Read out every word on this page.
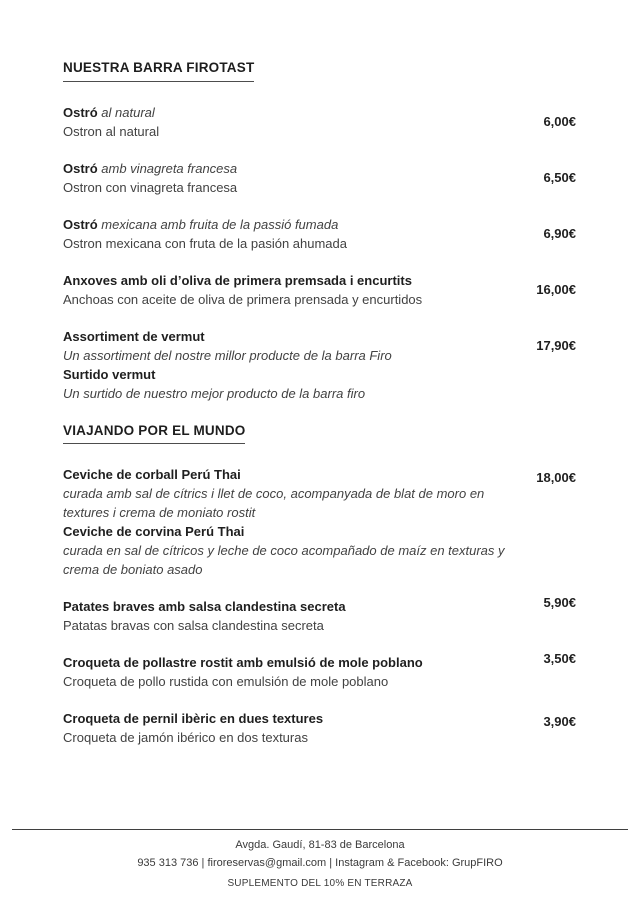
NUESTRA BARRA FIROTAST

Ostró al natural

Ostron al natural

6,00€

Ostró amb vinagreta francesa

Ostron con vinagreta francesa

6,50€

Ostró mexicana amb fruita de la passió fumada

Ostron mexicana con fruta de la pasión ahumada

6,90€

Anxoves amb oli d’oliva de primera premsada i encurtits

Anchoas con aceite de oliva de primera prensada y encurtidos

16,00€

Assortiment de vermut

Un assortiment del nostre millor producte de la barra Firo

Surtido vermut

Un surtido de nuestro mejor producto de la barra firo

17,90€
VIAJANDO POR EL MUNDO

Ceviche de corball Perú Thai

curada amb sal de cítrics i llet de coco, acompanyada de blat de moro en textures i crema de moniato rostit

Ceviche de corvina Perú Thai

curada en sal de cítricos y leche de coco acompañado de maíz en texturas y crema de boniato asado

18,00€

Patates braves amb salsa clandestina secreta

Patatas bravas con salsa clandestina secreta

5,90€

Croqueta de pollastre rostit amb emulsió de mole poblano

Croqueta de pollo rustida con emulsión de mole poblano

3,50€

Croqueta de pernil ibèric en dues textures

Croqueta de jamón ibérico en dos texturas

3,90€

Avgda. Gaudí, 81-83 de Barcelona

935 313 736 | firoreservas@gmail.com | Instagram & Facebook: GrupFIRO

SUPLEMENTO DEL 10% EN TERRAZA
